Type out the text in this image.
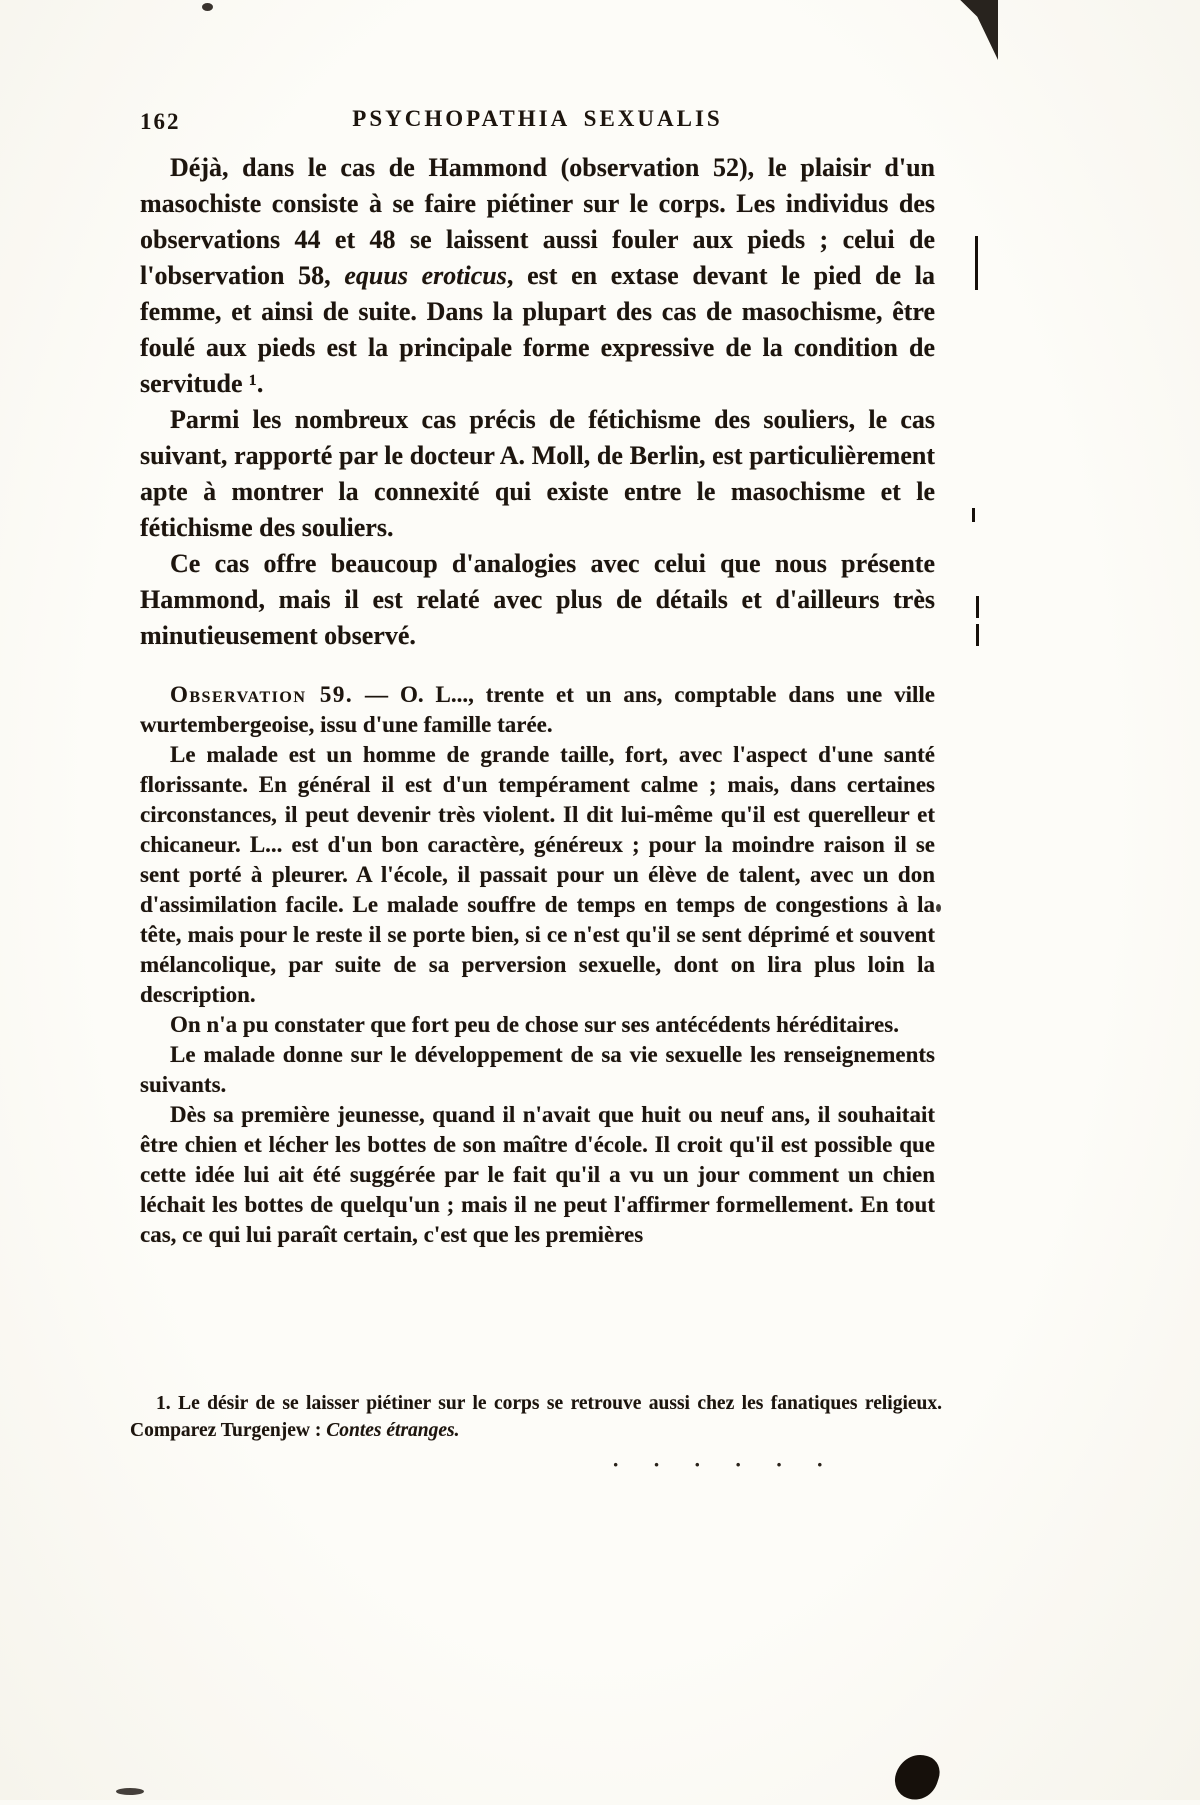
162	PSYCHOPATHIA SEXUALIS

Déjà, dans le cas de Hammond (observation 52), le plaisir d'un masochiste consiste à se faire piétiner sur le corps. Les individus des observations 44 et 48 se laissent aussi fouler aux pieds ; celui de l'observation 58, equus eroticus, est en extase devant le pied de la femme, et ainsi de suite. Dans la plupart des cas de masochisme, être foulé aux pieds est la principale forme expressive de la condition de servitude ¹.

Parmi les nombreux cas précis de fétichisme des souliers, le cas suivant, rapporté par le docteur A. Moll, de Berlin, est particulièrement apte à montrer la connexité qui existe entre le masochisme et le fétichisme des souliers.

Ce cas offre beaucoup d'analogies avec celui que nous présente Hammond, mais il est relaté avec plus de détails et d'ailleurs très minutieusement observé.

Observation 59. — O. L..., trente et un ans, comptable dans une ville wurtembergeoise, issu d'une famille tarée.

Le malade est un homme de grande taille, fort, avec l'aspect d'une santé florissante. En général il est d'un tempérament calme ; mais, dans certaines circonstances, il peut devenir très violent. Il dit lui-même qu'il est querelleur et chicaneur. L... est d'un bon caractère, généreux ; pour la moindre raison il se sent porté à pleurer. A l'école, il passait pour un élève de talent, avec un don d'assimilation facile. Le malade souffre de temps en temps de congestions à la tête, mais pour le reste il se porte bien, si ce n'est qu'il se sent déprimé et souvent mélancolique, par suite de sa perversion sexuelle, dont on lira plus loin la description.

On n'a pu constater que fort peu de chose sur ses antécédents héréditaires.

Le malade donne sur le développement de sa vie sexuelle les renseignements suivants.

Dès sa première jeunesse, quand il n'avait que huit ou neuf ans, il souhaitait être chien et lécher les bottes de son maître d'école. Il croit qu'il est possible que cette idée lui ait été suggérée par le fait qu'il a vu un jour comment un chien léchait les bottes de quelqu'un ; mais il ne peut l'affirmer formellement. En tout cas, ce qui lui paraît certain, c'est que les premières

1. Le désir de se laisser piétiner sur le corps se retrouve aussi chez les fanatiques religieux. Comparez Turgenjew : Contes étranges.
· · · · · ·
